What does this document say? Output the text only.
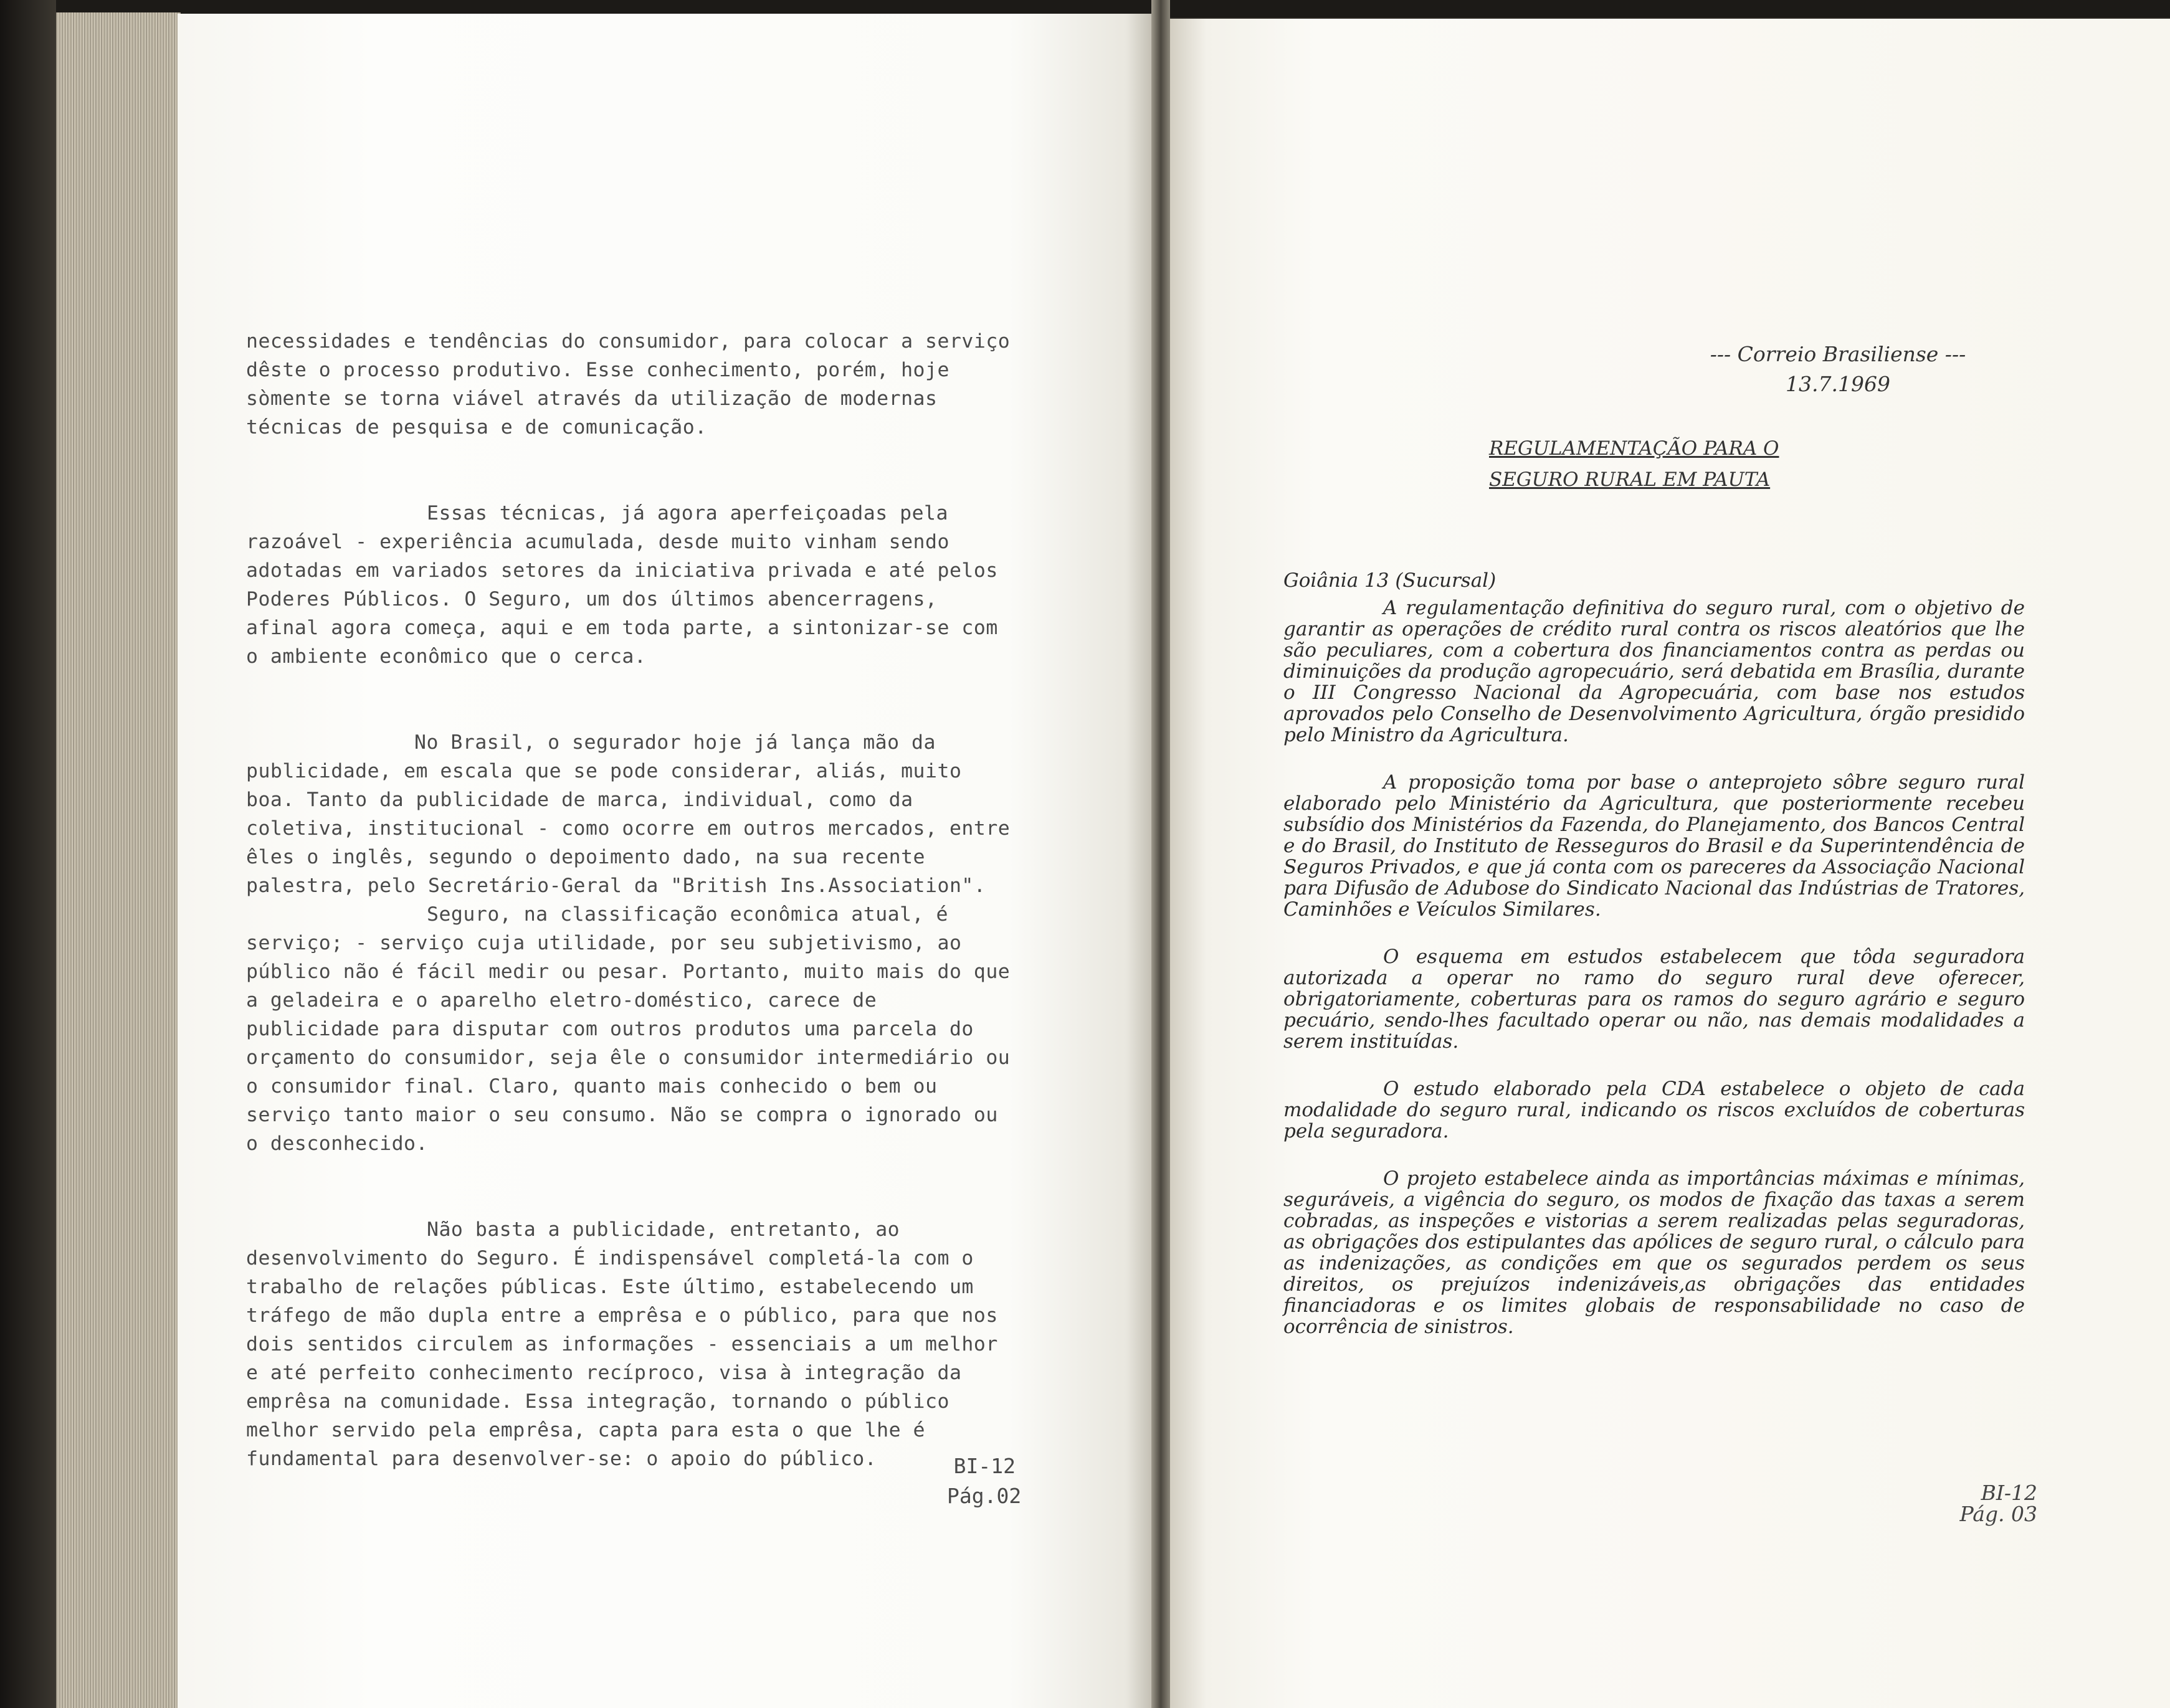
necessidades e tendências do consumidor, para colocar a serviço dêste o processo produtivo. Esse conhecimento, porém, hoje sòmente se torna viável através da utilização de modernas técnicas de pesquisa e de comunicação.

Essas técnicas, já agora aperfeiçoadas pela razoável - experiência acumulada, desde muito vinham sendo adotadas em variados setores da iniciativa privada e até pelos Poderes Públicos. O Seguro, um dos últimos abencerragens, afinal agora começa, aqui e em toda parte, a sintonizar-se com o ambiente econômico que o cerca.

No Brasil, o segurador hoje já lança mão da publicidade, em escala que se pode considerar, aliás, muito boa. Tanto da publicidade de marca, individual, como da coletiva, institucional - como ocorre em outros mercados, entre êles o inglês, segundo o depoimento dado, na sua recente palestra, pelo Secretário-Geral da "British Ins.Association".

Seguro, na classificação econômica atual, é serviço; - serviço cuja utilidade, por seu subjetivismo, ao público não é fácil medir ou pesar. Portanto, muito mais do que a geladeira e o aparelho eletro-doméstico, carece de publicidade para disputar com outros produtos uma parcela do orçamento do consumidor, seja êle o consumidor intermediário ou o consumidor final. Claro, quanto mais conhecido o bem ou serviço tanto maior o seu consumo. Não se compra o ignorado ou o desconhecido.

Não basta a publicidade, entretanto, ao desenvolvimento do Seguro. É indispensável completá-la com o trabalho de relações públicas. Este último, estabelecendo um tráfego de mão dupla entre a emprêsa e o público, para que nos dois sentidos circulem as informações - essenciais a um melhor e até perfeito conhecimento recíproco, visa à integração da emprêsa na comunidade. Essa integração, tornando o público melhor servido pela emprêsa, capta para esta o que lhe é fundamental para desenvolver-se: o apoio do público.	BI-12
Pág.02
--- Correio Brasiliense ---
13.7.1969
REGULAMENTAÇÃO PARA O
SEGURO RURAL EM PAUTA

Goiânia 13 (Sucursal)

A regulamentação definitiva do seguro rural, com o objetivo de garantir as operações de crédito rural contra os riscos aleatórios que lhe são peculiares, com a cobertura dos financiamentos contra as perdas ou diminuições da produção agropecuário, será debatida em Brasília, durante o III Congresso Nacional da Agropecuária, com base nos estudos aprovados pelo Conselho de Desenvolvimento Agricultura, órgão presidido pelo Ministro da Agricultura.

A proposição toma por base o anteprojeto sôbre seguro rural elaborado pelo Ministério da Agricultura, que posteriormente recebeu subsídio dos Ministérios da Fazenda, do Planejamento, dos Bancos Central e do Brasil, do Instituto de Resseguros do Brasil e da Superintendência de Seguros Privados, e que já conta com os pareceres da Associação Nacional para Difusão de Adubose do Sindicato Nacional das Indústrias de Tratores, Caminhões e Veículos Similares.

O esquema em estudos estabelecem que tôda seguradora autorizada a operar no ramo do seguro rural deve oferecer, obrigatoriamente, coberturas para os ramos do seguro agrário e seguro pecuário, sendo-lhes facultado operar ou não, nas demais modalidades a serem instituídas.

O estudo elaborado pela CDA estabelece o objeto de cada modalidade do seguro rural, indicando os riscos excluídos de coberturas pela seguradora.

O projeto estabelece ainda as importâncias máximas e mínimas, seguráveis, a vigência do seguro, os modos de fixação das taxas a serem cobradas, as inspeções e vistorias a serem realizadas pelas seguradoras, as obrigações dos estipulantes das apólices de seguro rural, o cálculo para as indenizações, as condições em que os segurados perdem os seus direitos, os prejuízos indenizáveis,as obrigações das entidades financiadoras e os limites globais de responsabilidade no caso de ocorrência de sinistros.

BI-12
Pág. 03
